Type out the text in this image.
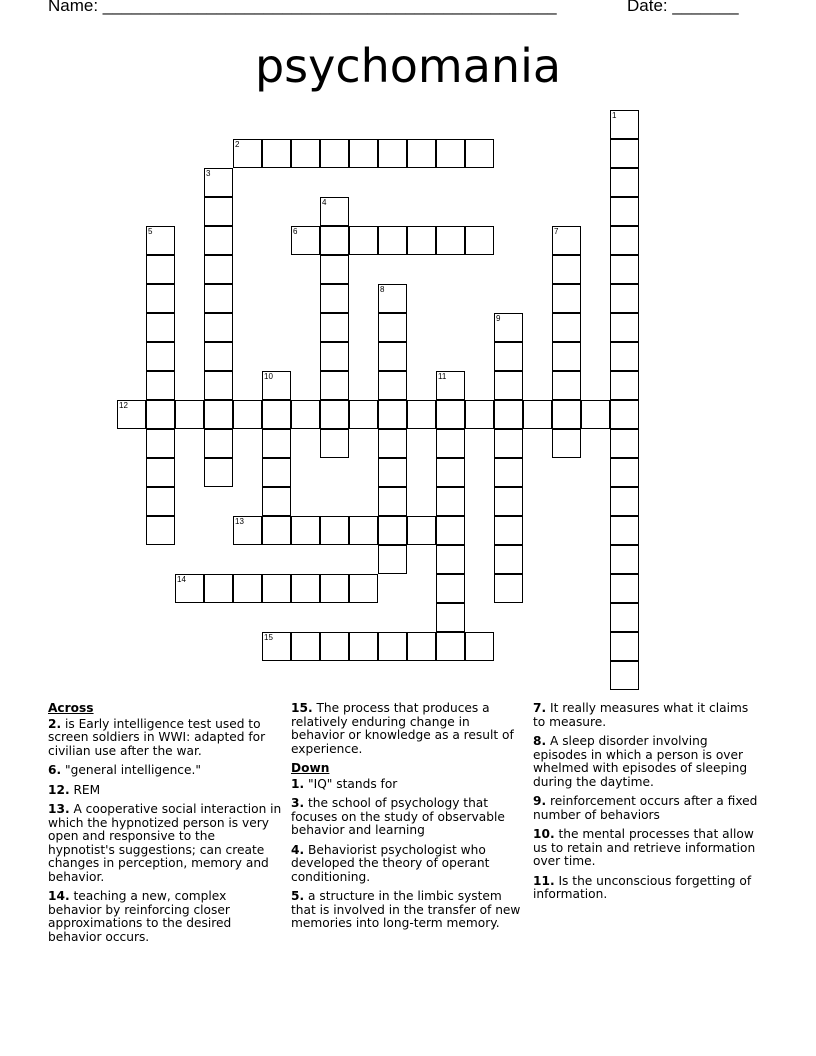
Name: ________________________________________________	Date: _______
psychomania
1
2
3
4
5	6	7
8
9
10	11
12
13
14
15
Across
2. is Early intelligence test used to screen soldiers in WWI: adapted for civilian use after the war.
6. "general intelligence."
12. REM
13. A cooperative social interaction in which the hypnotized person is very open and responsive to the hypnotist's suggestions; can create changes in perception, memory and behavior.
14. teaching a new, complex behavior by reinforcing closer approximations to the desired behavior occurs.
15. The process that produces a relatively enduring change in behavior or knowledge as a result of experience.
Down
1. "IQ" stands for
3. the school of psychology that focuses on the study of observable behavior and learning
4. Behaviorist psychologist who developed the theory of operant conditioning.
5. a structure in the limbic system that is involved in the transfer of new memories into long-term memory.
7. It really measures what it claims to measure.
8. A sleep disorder involving episodes in which a person is over whelmed with episodes of sleeping during the daytime.
9. reinforcement occurs after a fixed number of behaviors
10. the mental processes that allow us to retain and retrieve information over time.
11. Is the unconscious forgetting of information.
